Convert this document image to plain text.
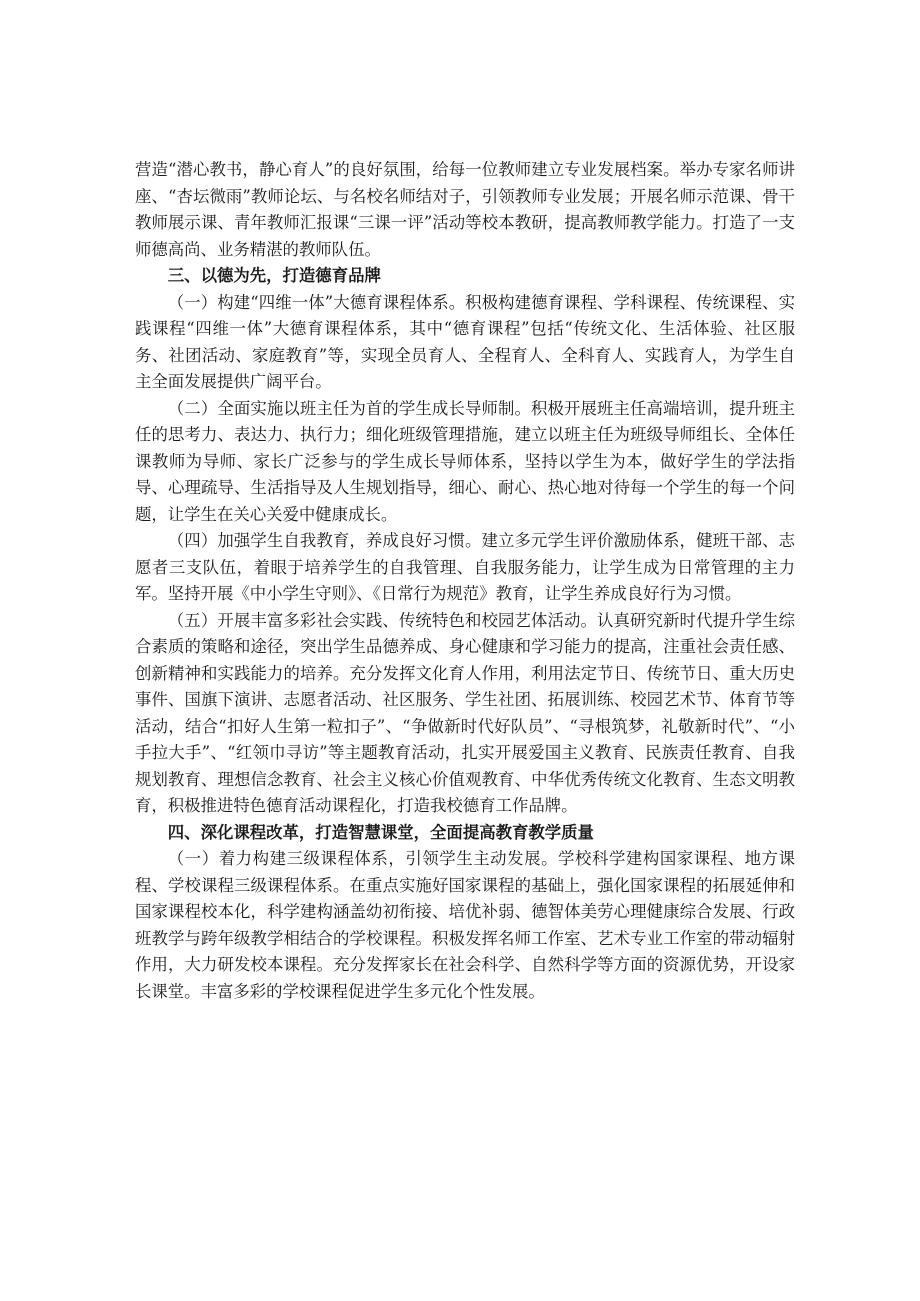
营造“潜心教书，静心育人”的良好氛围，给每一位教师建立专业发展档案。举办专家名师讲座、“杏坛微雨”教师论坛、与名校名师结对子，引领教师专业发展；开展名师示范课、骨干教师展示课、青年教师汇报课“三课一评”活动等校本教研，提高教师教学能力。打造了一支师德高尚、业务精湛的教师队伍。

三、以德为先，打造德育品牌

（一）构建“四维一体”大德育课程体系。积极构建德育课程、学科课程、传统课程、实践课程“四维一体”大德育课程体系，其中“德育课程”包括“传统文化、生活体验、社区服务、社团活动、家庭教育”等，实现全员育人、全程育人、全科育人、实践育人，为学生自主全面发展提供广阔平台。

（二）全面实施以班主任为首的学生成长导师制。积极开展班主任高端培训，提升班主任的思考力、表达力、执行力；细化班级管理措施，建立以班主任为班级导师组长、全体任课教师为导师、家长广泛参与的学生成长导师体系，坚持以学生为本，做好学生的学法指导、心理疏导、生活指导及人生规划指导，细心、耐心、热心地对待每一个学生的每一个问题，让学生在关心关爱中健康成长。

（四）加强学生自我教育，养成良好习惯。建立多元学生评价激励体系，健班干部、志愿者三支队伍，着眼于培养学生的自我管理、自我服务能力，让学生成为日常管理的主力军。坚持开展《中小学生守则》、《日常行为规范》教育，让学生养成良好行为习惯。

（五）开展丰富多彩社会实践、传统特色和校园艺体活动。认真研究新时代提升学生综合素质的策略和途径，突出学生品德养成、身心健康和学习能力的提高，注重社会责任感、创新精神和实践能力的培养。充分发挥文化育人作用，利用法定节日、传统节日、重大历史事件、国旗下演讲、志愿者活动、社区服务、学生社团、拓展训练、校园艺术节、体育节等活动，结合“扣好人生第一粒扣子”、“争做新时代好队员”、“寻根筑梦，礼敬新时代”、“小手拉大手”、“红领巾寻访”等主题教育活动，扎实开展爱国主义教育、民族责任教育、自我规划教育、理想信念教育、社会主义核心价值观教育、中华优秀传统文化教育、生态文明教育，积极推进特色德育活动课程化，打造我校德育工作品牌。

四、深化课程改革，打造智慧课堂，全面提高教育教学质量

（一）着力构建三级课程体系，引领学生主动发展。学校科学建构国家课程、地方课程、学校课程三级课程体系。在重点实施好国家课程的基础上，强化国家课程的拓展延伸和国家课程校本化，科学建构涵盖幼初衔接、培优补弱、德智体美劳心理健康综合发展、行政班教学与跨年级教学相结合的学校课程。积极发挥名师工作室、艺术专业工作室的带动辐射作用，大力研发校本课程。充分发挥家长在社会科学、自然科学等方面的资源优势，开设家长课堂。丰富多彩的学校课程促进学生多元化个性发展。
